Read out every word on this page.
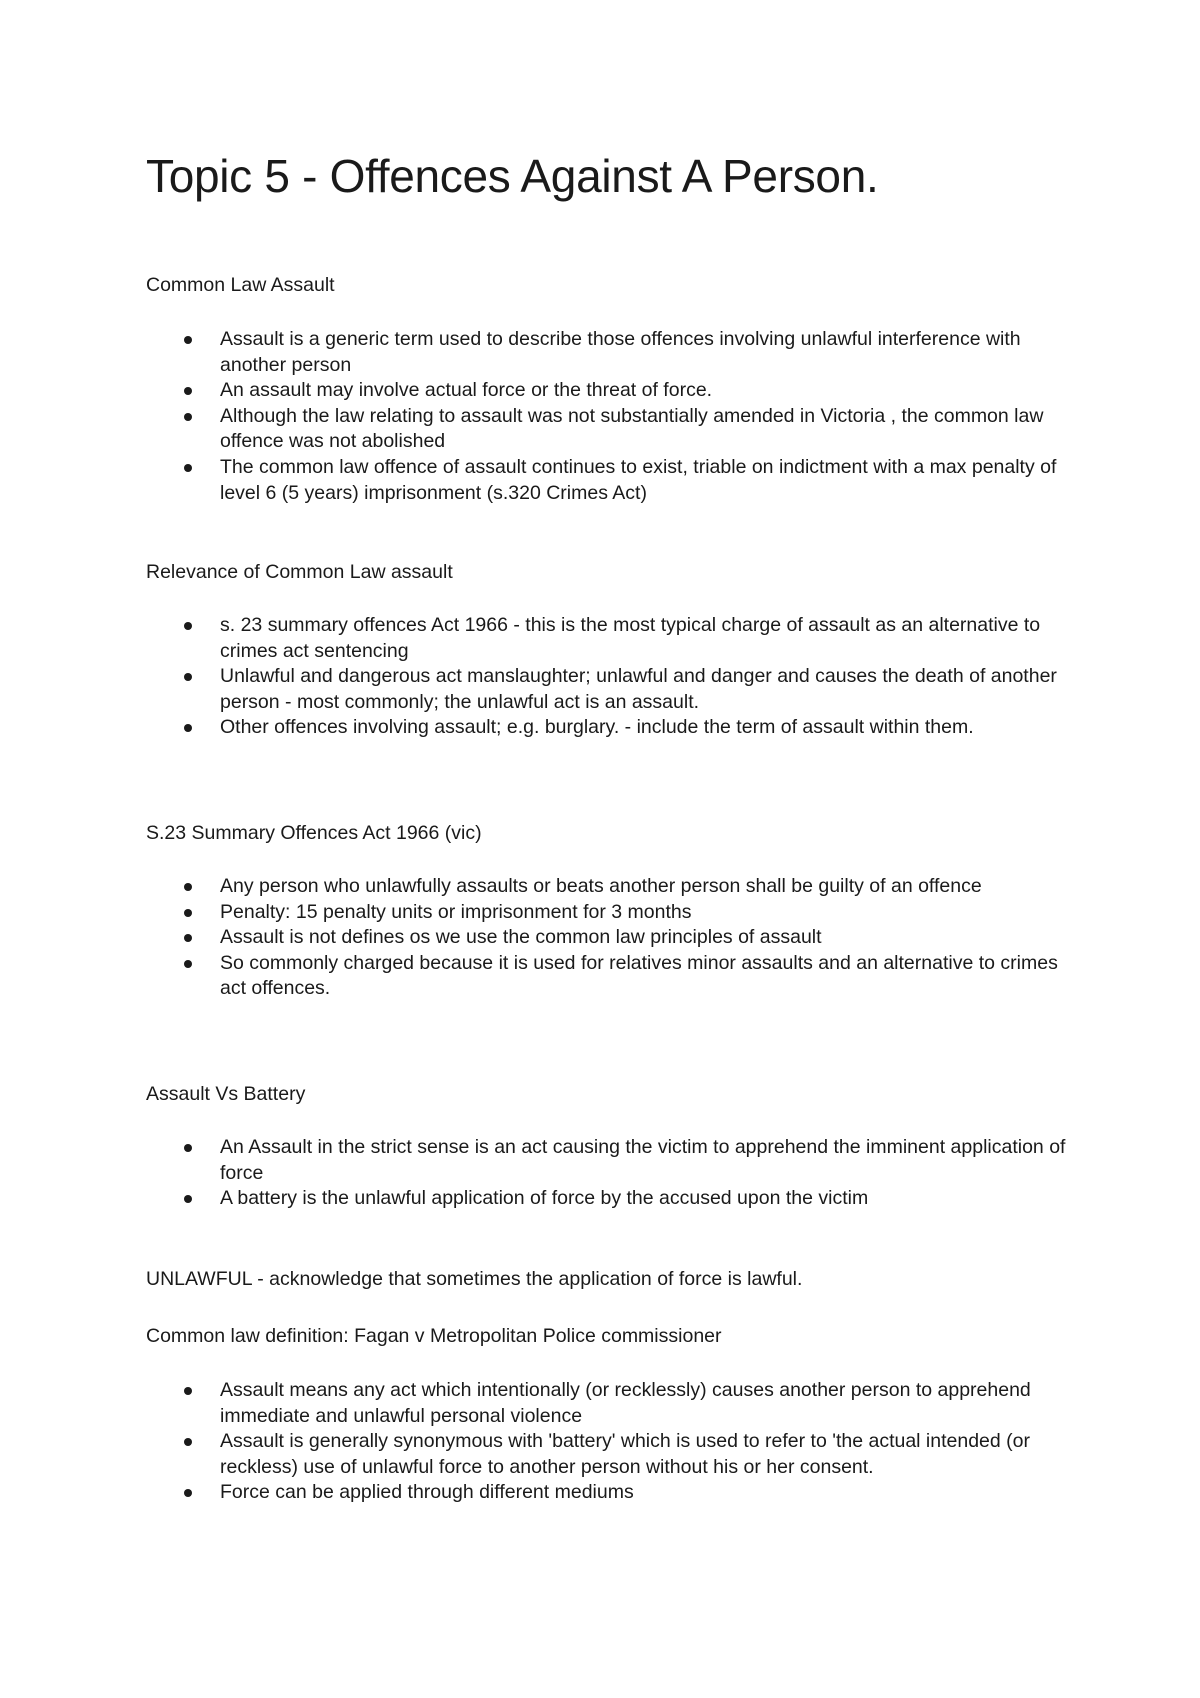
Topic 5 - Offences Against A Person.

Common Law Assault

Assault is a generic term used to describe those offences involving unlawful interference with another person
An assault may involve actual force or the threat of force.
Although the law relating to assault was not substantially amended in Victoria , the common law offence was not abolished
The common law offence of assault continues to exist, triable on indictment with a max penalty of level 6 (5 years) imprisonment (s.320 Crimes Act)

Relevance of Common Law assault

s. 23 summary offences Act 1966 - this is the most typical charge of assault as an alternative to crimes act sentencing
Unlawful and dangerous act manslaughter; unlawful and danger and causes the death of another person - most commonly; the unlawful act is an assault.
Other offences involving assault; e.g. burglary. - include the term of assault within them.

S.23 Summary Offences Act 1966 (vic)

Any person who unlawfully assaults or beats another person shall be guilty of an offence
Penalty: 15 penalty units or imprisonment for 3 months
Assault is not defines os we use the common law principles of assault
So commonly charged because it is used for relatives minor assaults and an alternative to crimes act offences.

Assault Vs Battery

An Assault in the strict sense is an act causing the victim to apprehend the imminent application of force
A battery is the unlawful application of force by the accused upon the victim

UNLAWFUL - acknowledge that sometimes the application of force is lawful.

Common law definition: Fagan v Metropolitan Police commissioner

Assault means any act which intentionally (or recklessly) causes another person to apprehend immediate and unlawful personal violence
Assault is generally synonymous with 'battery' which is used to refer to 'the actual intended (or reckless) use of unlawful force to another person without his or her consent.
Force can be applied through different mediums
